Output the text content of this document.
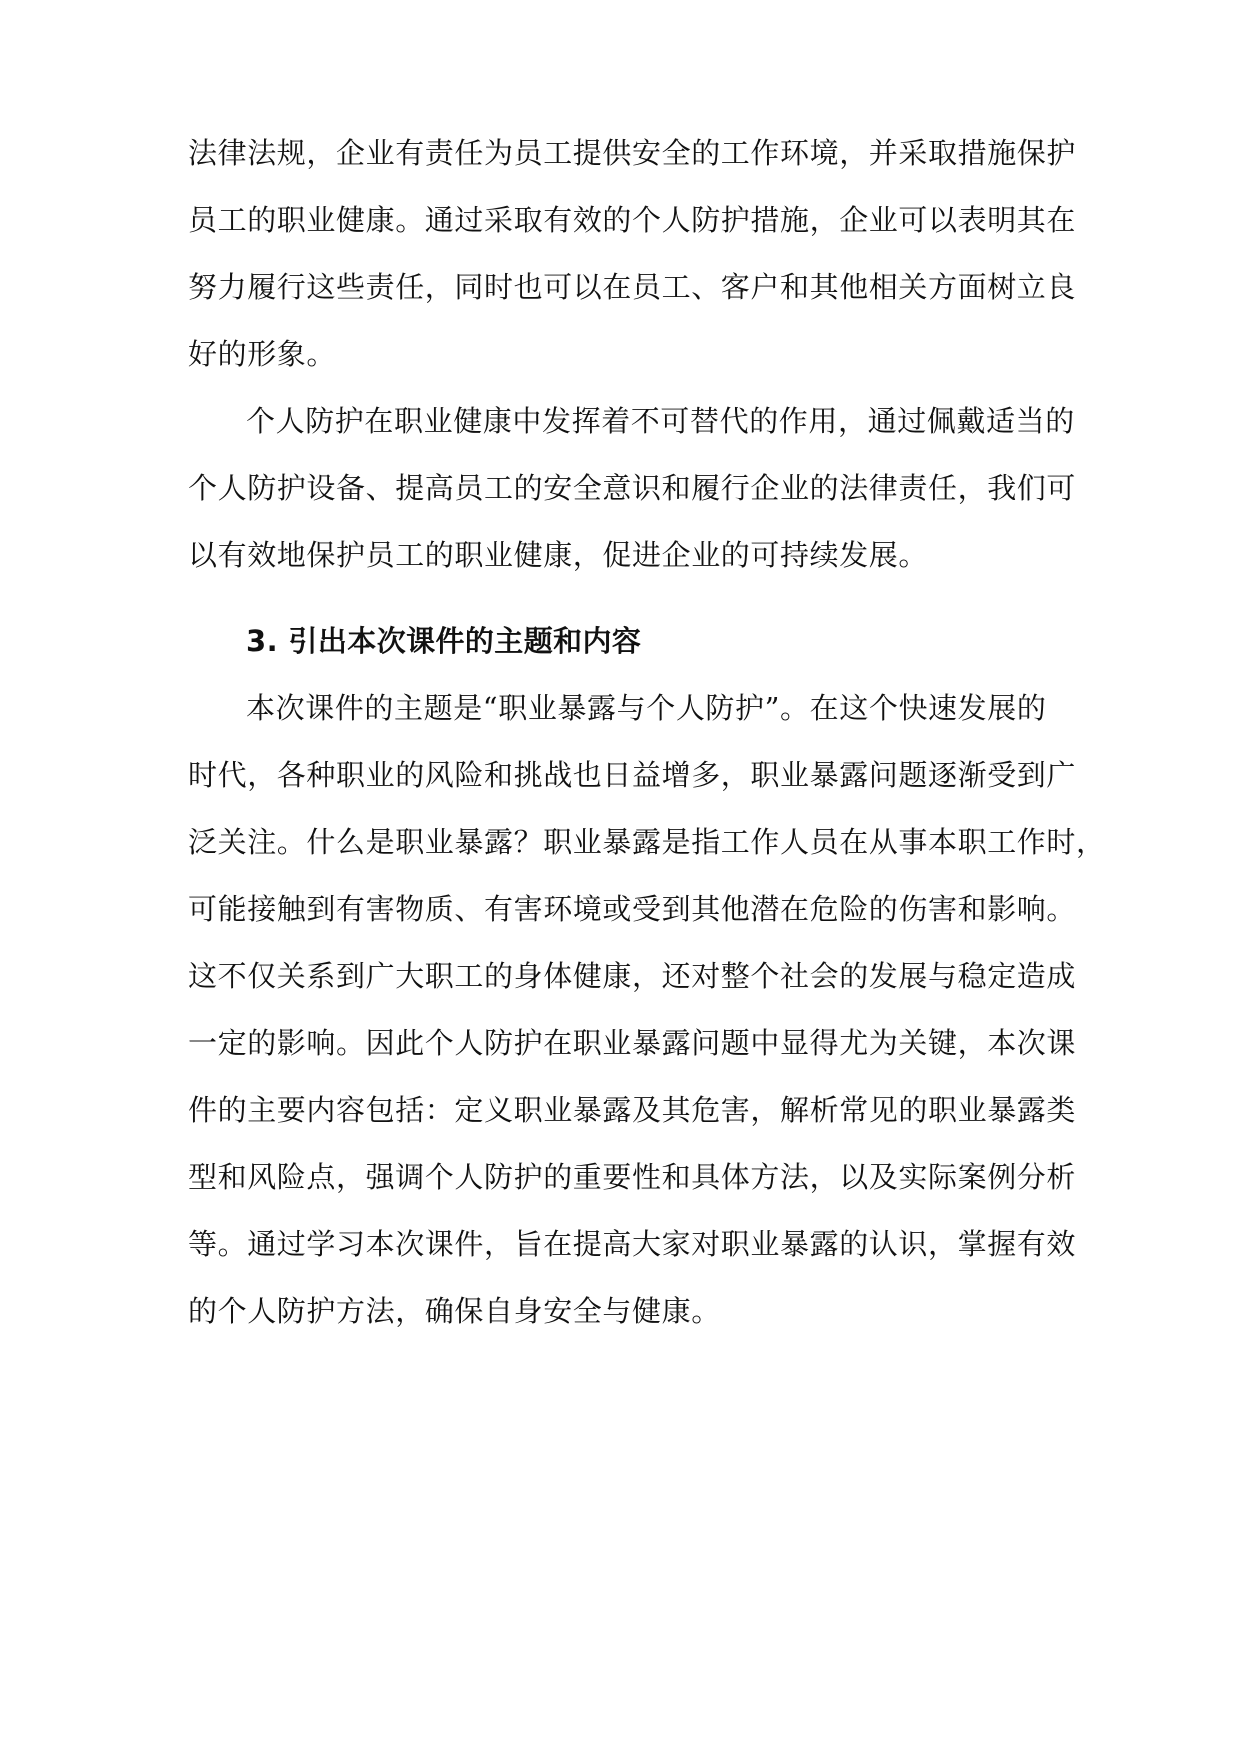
法律法规，企业有责任为员工提供安全的工作环境，并采取措施保护
员工的职业健康。通过采取有效的个人防护措施，企业可以表明其在
努力履行这些责任，同时也可以在员工、客户和其他相关方面树立良
好的形象。
个人防护在职业健康中发挥着不可替代的作用，通过佩戴适当的
个人防护设备、提高员工的安全意识和履行企业的法律责任，我们可
以有效地保护员工的职业健康，促进企业的可持续发展。
3. 引出本次课件的主题和内容
本次课件的主题是“职业暴露与个人防护”。在这个快速发展的
时代，各种职业的风险和挑战也日益增多，职业暴露问题逐渐受到广
泛关注。什么是职业暴露？职业暴露是指工作人员在从事本职工作时，
可能接触到有害物质、有害环境或受到其他潜在危险的伤害和影响。
这不仅关系到广大职工的身体健康，还对整个社会的发展与稳定造成
一定的影响。因此个人防护在职业暴露问题中显得尤为关键，本次课
件的主要内容包括：定义职业暴露及其危害，解析常见的职业暴露类
型和风险点，强调个人防护的重要性和具体方法，以及实际案例分析
等。通过学习本次课件，旨在提高大家对职业暴露的认识，掌握有效
的个人防护方法，确保自身安全与健康。
